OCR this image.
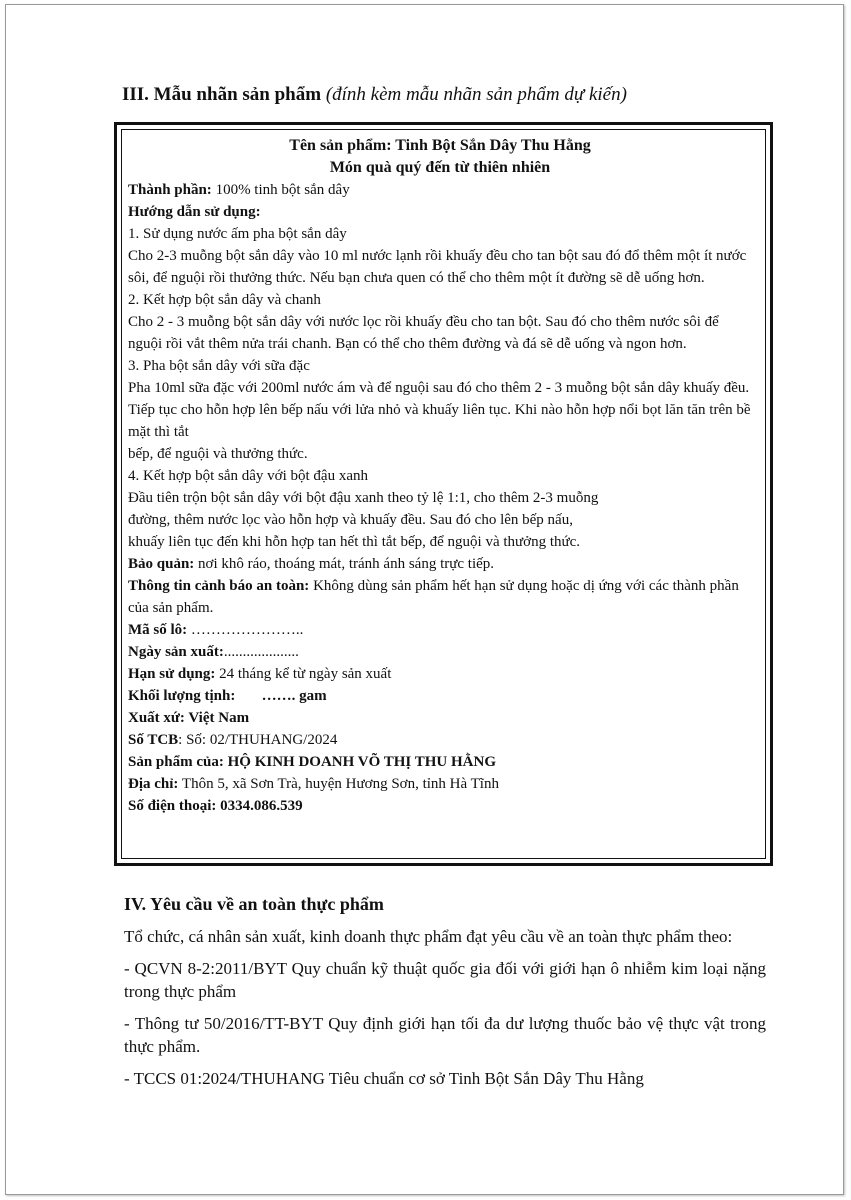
III. Mẫu nhãn sản phẩm (đính kèm mẫu nhãn sản phẩm dự kiến)
Tên sản phẩm: Tinh Bột Sắn Dây Thu Hằng
Món quà quý đến từ thiên nhiên
Thành phần: 100% tinh bột sắn dây
Hướng dẫn sử dụng:
1. Sử dụng nước ấm pha bột sắn dây
Cho 2-3 muỗng bột sắn dây vào 10 ml nước lạnh rồi khuấy đều cho tan bột sau đó đổ thêm một ít nước sôi, để nguội rồi thưởng thức. Nếu bạn chưa quen có thể cho thêm một ít đường sẽ dễ uống hơn.
2. Kết hợp bột sắn dây và chanh
Cho 2 - 3 muỗng bột sắn dây với nước lọc rồi khuấy đều cho tan bột. Sau đó cho thêm nước sôi để nguội rồi vắt thêm nửa trái chanh. Bạn có thể cho thêm đường và đá sẽ dễ uống và ngon hơn.
3. Pha bột sắn dây với sữa đặc
Pha 10ml sữa đặc với 200ml nước ám và để nguội sau đó cho thêm 2 - 3 muỗng bột sắn dây khuấy đều. Tiếp tục cho hỗn hợp lên bếp nấu với lửa nhỏ và khuấy liên tục. Khi nào hỗn hợp nổi bọt lăn tăn trên bề mặt thì tắt
bếp, để nguội và thưởng thức.
4. Kết hợp bột sắn dây với bột đậu xanh
Đầu tiên trộn bột sắn dây với bột đậu xanh theo tỷ lệ 1:1, cho thêm 2-3 muỗng
đường, thêm nước lọc vào hỗn hợp và khuấy đều. Sau đó cho lên bếp nấu,
khuấy liên tục đến khi hỗn hợp tan hết thì tắt bếp, để nguội và thưởng thức.
Bảo quản: nơi khô ráo, thoáng mát, tránh ánh sáng trực tiếp.
Thông tin cảnh báo an toàn: Không dùng sản phẩm hết hạn sử dụng hoặc dị ứng với các thành phần của sản phẩm.
Mã số lô: …………………..
Ngày sản xuất:....................
Hạn sử dụng: 24 tháng kể từ ngày sản xuất
Khối lượng tịnh:       ……. gam
Xuất xứ: Việt Nam
Số TCB: Số: 02/THUHANG/2024
Sản phẩm của: HỘ KINH DOANH VÕ THỊ THU HẰNG
Địa chỉ: Thôn 5, xã Sơn Trà, huyện Hương Sơn, tỉnh Hà Tĩnh
Số điện thoại: 0334.086.539
IV. Yêu cầu về an toàn thực phẩm

Tổ chức, cá nhân sản xuất, kinh doanh thực phẩm đạt yêu cầu về an toàn thực phẩm theo:

- QCVN 8-2:2011/BYT Quy chuẩn kỹ thuật quốc gia đối với giới hạn ô nhiễm kim loại nặng trong thực phẩm

- Thông tư 50/2016/TT-BYT Quy định giới hạn tối đa dư lượng thuốc bảo vệ thực vật trong thực phẩm.

- TCCS 01:2024/THUHANG Tiêu chuẩn cơ sở Tinh Bột Sắn Dây Thu Hằng
